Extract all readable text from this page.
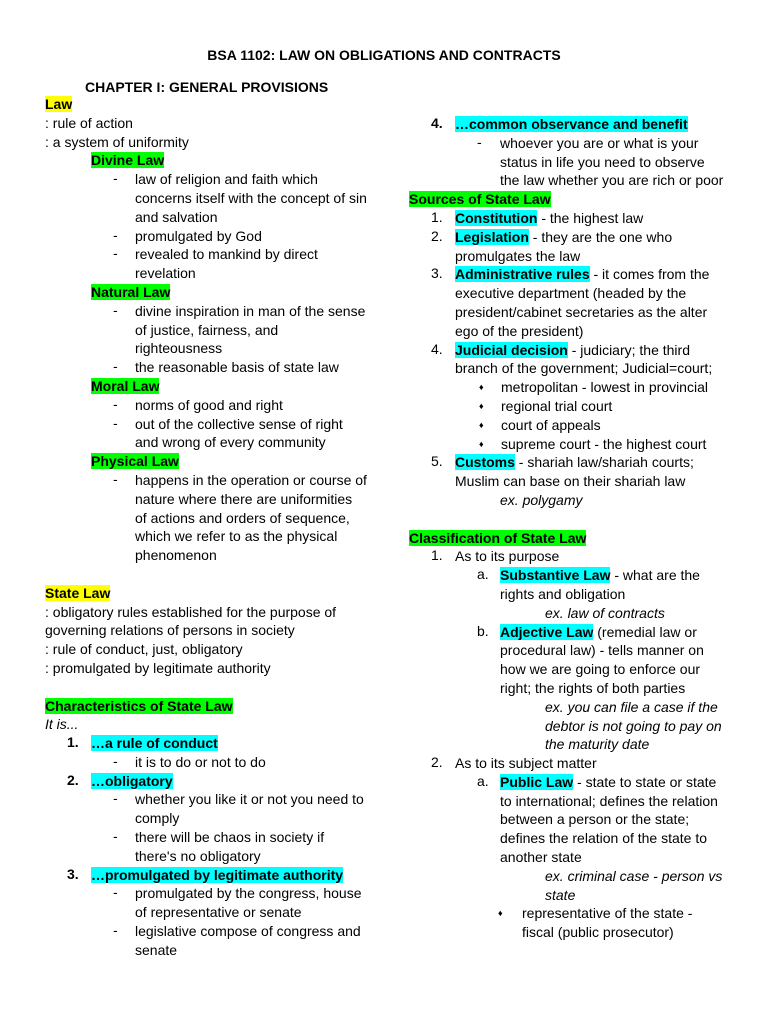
BSA 1102: LAW ON OBLIGATIONS AND CONTRACTS
CHAPTER I: GENERAL PROVISIONS
Law
: rule of action
: a system of uniformity
Divine Law
- law of religion and faith which
concerns itself with the concept of sin
and salvation
- promulgated by God
- revealed to mankind by direct
revelation
Natural Law
- divine inspiration in man of the sense
of justice, fairness, and
righteousness
- the reasonable basis of state law
Moral Law
- norms of good and right
- out of the collective sense of right
and wrong of every community
Physical Law
- happens in the operation or course of
nature where there are uniformities
of actions and orders of sequence,
which we refer to as the physical
phenomenon
State Law
: obligatory rules established for the purpose of
governing relations of persons in society
: rule of conduct, just, obligatory
: promulgated by legitimate authority
Characteristics of State Law
It is...
1. …a rule of conduct
- it is to do or not to do
2. …obligatory
- whether you like it or not you need to
comply
- there will be chaos in society if
there's no obligatory
3. …promulgated by legitimate authority
- promulgated by the congress, house
of representative or senate
- legislative compose of congress and
senate
4. …common observance and benefit
- whoever you are or what is your
status in life you need to observe
the law whether you are rich or poor
Sources of State Law
1. Constitution - the highest law
2. Legislation - they are the one who
promulgates the law
3. Administrative rules - it comes from the
executive department (headed by the
president/cabinet secretaries as the alter
ego of the president)
4. Judicial decision - judiciary; the third
branch of the government; Judicial=court;
♦ metropolitan - lowest in provincial
♦ regional trial court
♦ court of appeals
♦ supreme court - the highest court
5. Customs - shariah law/shariah courts;
Muslim can base on their shariah law
ex. polygamy
Classification of State Law
1. As to its purpose
a. Substantive Law - what are the
rights and obligation
ex. law of contracts
b. Adjective Law (remedial law or
procedural law) - tells manner on
how we are going to enforce our
right; the rights of both parties
ex. you can file a case if the
debtor is not going to pay on
the maturity date
2. As to its subject matter
a. Public Law - state to state or state
to international; defines the relation
between a person or the state;
defines the relation of the state to
another state
ex. criminal case - person vs
state
♦ representative of the state -
fiscal (public prosecutor)
